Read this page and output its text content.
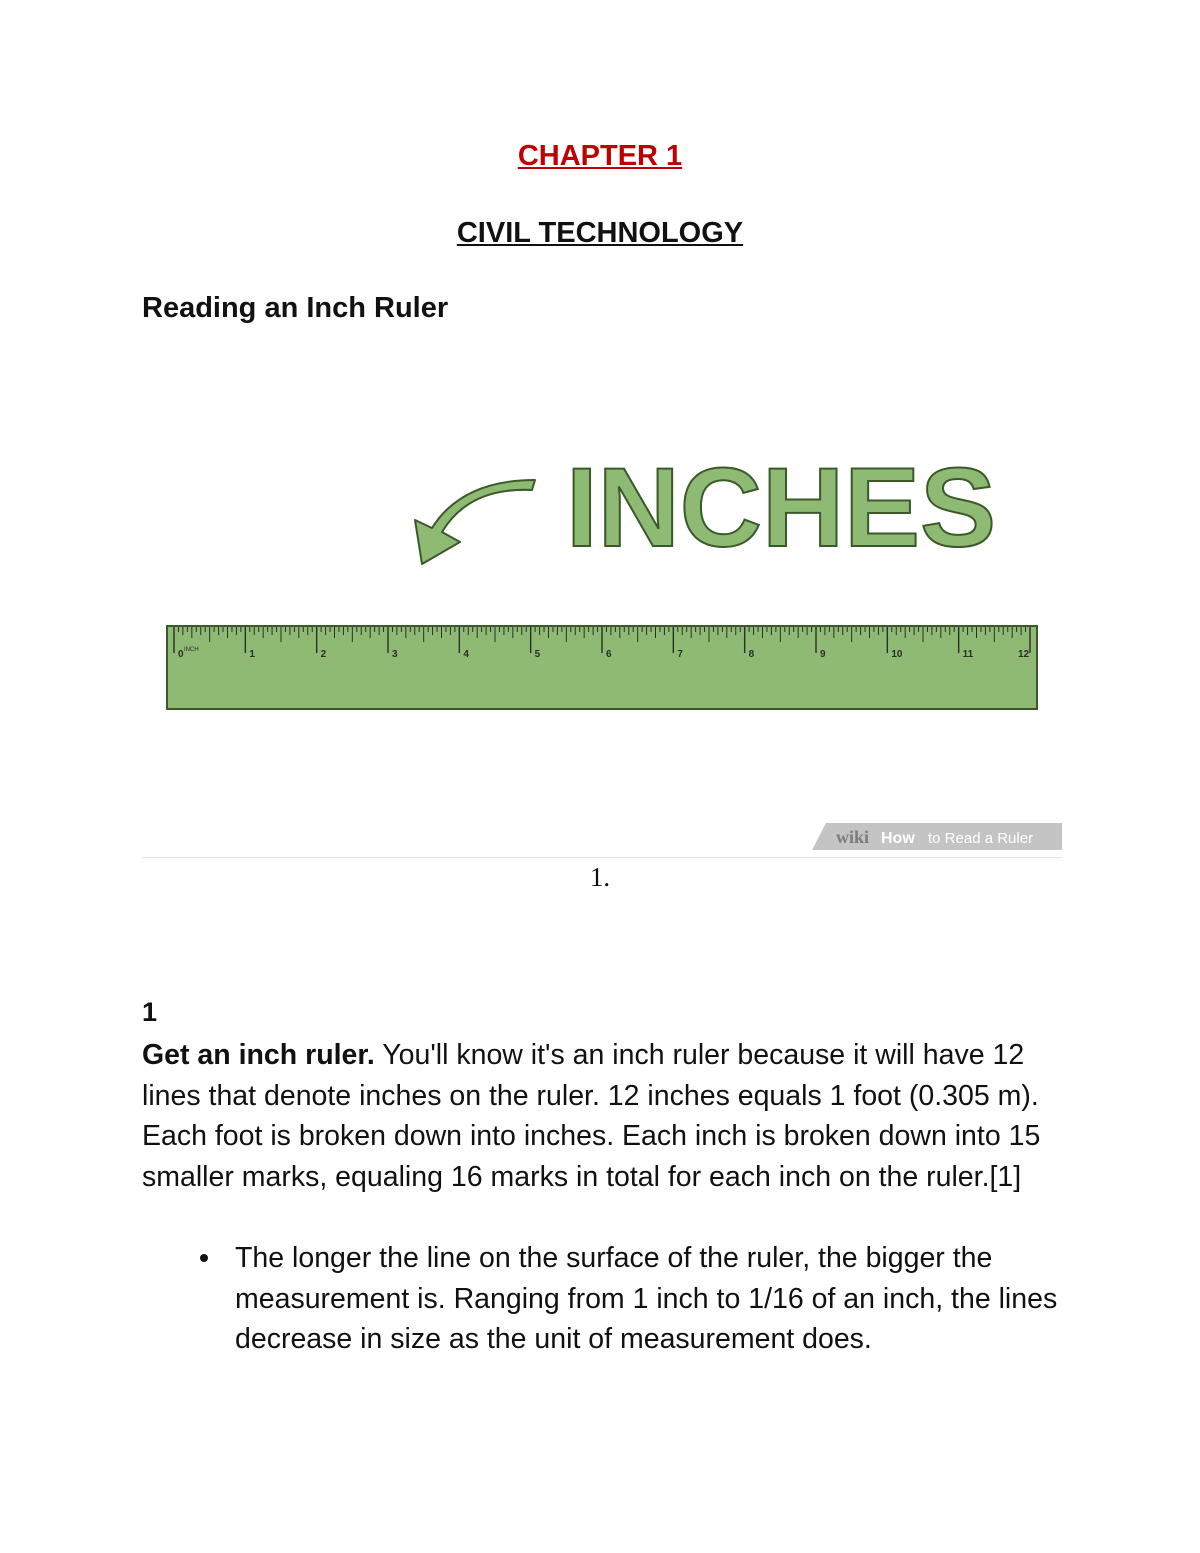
CHAPTER 1
CIVIL TECHNOLOGY
Reading an Inch Ruler
INCHES
0	1	2	3	4	5	6	7	8	9	10	11	12
INCH
wiki How to Read a Ruler
1.
1
Get an inch ruler. You'll know it's an inch ruler because it will have 12 lines that denote inches on the ruler. 12 inches equals 1 foot (0.305 m). Each foot is broken down into inches. Each inch is broken down into 15 smaller marks, equaling 16 marks in total for each inch on the ruler.[1]
The longer the line on the surface of the ruler, the bigger the measurement is. Ranging from 1 inch to 1/16 of an inch, the lines decrease in size as the unit of measurement does.
